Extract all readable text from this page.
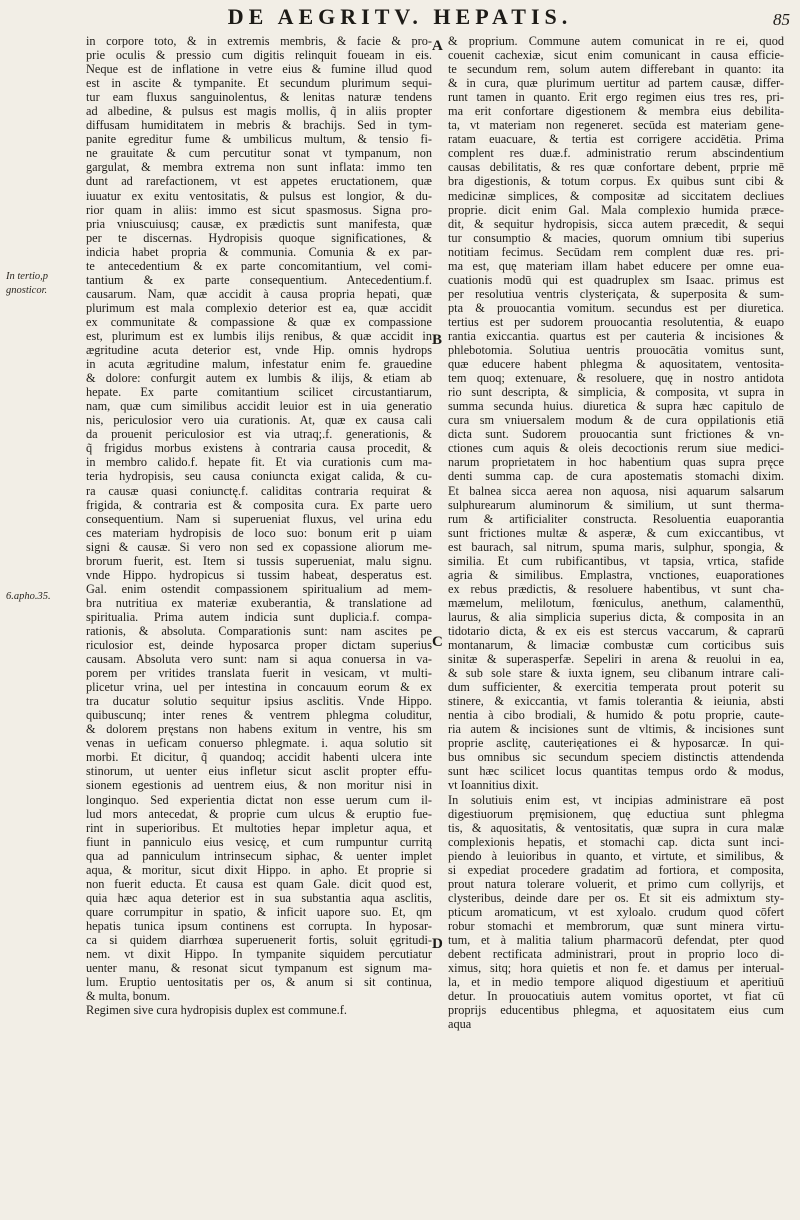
DE AEGRITV. HEPATIS.	85
In tertio,p
gnosticor.
6.apho.35.
A
B
C
D
in corpore toto, & in extremis membris, & facie & pro-
prie oculis & pressio cum digitis relinquit foueam in eis.
Neque est de inflatione in vetre eius & fumine illud quod
est in ascite & tympanite. Et secundum plurimum sequi-
tur eam fluxus sanguinolentus, & lenitas naturæ tendens
ad albedine, & pulsus est magis mollis, q̃ in aliis propter
diffusam humiditatem in mebris & brachijs. Sed in tym-
panite egreditur fume & umbilicus multum, & tensio fi-
ne grauitate & cum percutitur sonat vt tympanum, non
gargulat, & membra extrema non sunt inflata: immo ten
dunt ad rarefactionem, vt est appetes eructationem, quæ
iuuatur ex exitu ventositatis, & pulsus est longior, & du-
rior quam in aliis: immo est sicut spasmosus. Signa pro-
pria vniuscuiusq; causæ, ex prædictis sunt manifesta, quæ
per te discernas. Hydropisis quoque significationes, &
indicia habet propria & communia. Comunia & ex par-
te antecedentium & ex parte concomitantium, vel comi-
tantium & ex parte consequentium. Antecedentium.f.
causarum. Nam, quæ accidit à causa propria hepati, quæ
plurimum est mala complexio deterior est ea, quæ accidit
ex communitate & compassione & quæ ex compassione
est, plurimum est ex lumbis ilijs renibus, & quæ accidit in
ægritudine acuta deterior est, vnde Hip. omnis hydrops
in acuta ægritudine malum, infestatur enim fe. grauedine
& dolore: confurgit autem ex lumbis & ilijs, & etiam ab
hepate. Ex parte comitantium scilicet circustantiarum,
nam, quæ cum similibus accidit leuior est in uia generatio
nis, periculosior vero uia curationis. At, quæ ex causa cali
da prouenit periculosior est via utraq;.f. generationis, &
q̃ frigidus morbus existens à contraria causa procedit, &
in membro calido.f. hepate fit. Et via curationis cum ma-
teria hydropisis, seu causa coniuncta exigat calida, & cu-
ra causæ quasi coniunctę.f. caliditas contraria requirat &
frigida, & contraria est & composita cura. Ex parte uero
consequentium. Nam si superueniat fluxus, vel urina edu
ces materiam hydropisis de loco suo: bonum erit p uiam
signi & causæ. Si vero non sed ex copassione aliorum me-
brorum fuerit, est. Item si tussis superueniat, malu signu.
vnde Hippo. hydropicus si tussim habeat, desperatus est.
Gal. enim ostendit compassionem spiritualium ad mem-
bra nutritiua ex materiæ exuberantia, & translatione ad
spiritualia. Prima autem indicia sunt duplicia.f. compa-
rationis, & absoluta. Comparationis sunt: nam ascites pe
riculosior est, deinde hyposarca proper dictam superius
causam. Absoluta vero sunt: nam si aqua conuersa in va-
porem per vritides translata fuerit in vesicam, vt multi-
plicetur vrina, uel per intestina in concauum eorum & ex
tra ducatur solutio sequitur ipsius asclitis. Vnde Hippo.
quibuscunq; inter renes & ventrem phlegma coluditur,
& dolorem pręstans non habens exitum in ventre, his sm
venas in ueficam conuerso phlegmate. i. aqua solutio sit
morbi. Et dicitur, q̃ quandoq; accidit habenti ulcera inte
stinorum, ut uenter eius infletur sicut asclit propter effu-
sionem egestionis ad uentrem eius, & non moritur nisi in
longinquo. Sed experientia dictat non esse uerum cum il-
lud mors antecedat, & proprie cum ulcus & eruptio fue-
rint in superioribus. Et multoties hepar impletur aqua, et
fiunt in panniculo eius vesicę, et cum rumpuntur curritą
qua ad panniculum intrinsecum siphac, & uenter implet
aqua, & moritur, sicut dixit Hippo. in apho. Et proprie si
non fuerit educta. Et causa est quam Gale. dicit quod est,
quia hæc aqua deterior est in sua substantia aqua asclitis,
quare corrumpitur in spatio, & inficit uapore suo. Et, qm
hepatis tunica ipsum continens est corrupta. In hyposar-
ca si quidem diarrhœa superuenerit fortis, soluit ęgritudi-
nem. vt dixit Hippo. In tympanite siquidem percutiatur
uenter manu, & resonat sicut tympanum est signum ma-
lum. Eruptio uentositatis per os, & anum si sit continua,
& multa, bonum.
Regimen sive cura hydropisis duplex est commune.f.
& proprium. Commune autem comunicat in re ei, quod
couenit cachexiæ, sicut enim comunicant in causa efficie-
te secundum rem, solum autem differebant in quanto: ita
& in cura, quæ plurimum uertitur ad partem causæ, differ-
runt tamen in quanto. Erit ergo regimen eius tres res, pri-
ma erit confortare digestionem & membra eius debilita-
ta, vt materiam non regeneret. secūda est materiam gene-
ratam euacuare, & tertia est corrigere accidētia. Prima
complent res duæ.f. administratio rerum abscindentium
causas debilitatis, & res quæ confortare debent, prprie mē
bra digestionis, & totum corpus. Ex quibus sunt cibi &
medicinæ simplices, & compositæ ad siccitatem decliues
proprie. dicit enim Gal. Mala complexio humida præce-
dit, & sequitur hydropisis, sicca autem præcedit, & sequi
tur consumptio & macies, quorum omnium tibi superius
notitiam fecimus. Secūdam rem complent duæ res. pri-
ma est, quę materiam illam habet educere per omne eua-
cuationis modū qui est quadruplex sm Isaac. primus est
per resolutiua ventris clysteriçata, & superposita & sum-
pta & prouocantia vomitum. secundus est per diuretica.
tertius est per sudorem prouocantia resolutentia, & euapo
rantia exiccantia. quartus est per cauteria & incisiones &
phlebotomia. Solutiua uentris prouocātia vomitus sunt,
quæ educere habent phlegma & aquositatem, ventosita-
tem quoq; extenuare, & resoluere, quę in nostro antidota
rio sunt descripta, & simplicia, & composita, vt supra in
summa secunda huius. diuretica & supra hæc capitulo de
cura sm vniuersalem modum & de cura oppilationis etiā
dicta sunt. Sudorem prouocantia sunt frictiones & vn-
ctiones cum aquis & oleis decoctionis rerum siue medici-
narum proprietatem in hoc habentium quas supra pręce
denti summa cap. de cura apostematis stomachi dixim.
Et balnea sicca aerea non aquosa, nisi aquarum salsarum
sulphurearum aluminorum & similium, ut sunt therma-
rum & artificialiter constructa. Resoluentia euaporantia
sunt frictiones multæ & asperæ, & cum exiccantibus, vt
est baurach, sal nitrum, spuma maris, sulphur, spongia, &
similia. Et cum rubificantibus, vt tapsia, vrtica, stafide
agria & similibus. Emplastra, vnctiones, euaporationes
ex rebus prædictis, & resoluere habentibus, vt sunt cha-
mæmelum, melilotum, fœniculus, anethum, calamenthū,
laurus, & alia simplicia superius dicta, & composita in an
tidotario dicta, & ex eis est stercus vaccarum, & caprarū
montanarum, & limaciæ combustæ cum corticibus suis
sinitæ & superasperfæ. Sepeliri in arena & reuolui in ea,
& sub sole stare & iuxta ignem, seu clibanum intrare cali-
dum sufficienter, & exercitia temperata prout poterit su
stinere, & exiccantia, vt famis tolerantia & ieiunia, absti
nentia à cibo brodiali, & humido & potu proprie, caute-
ria autem & incisiones sunt de vltimis, & incisiones sunt
proprie asclitę, cauterięationes ei & hyposarcæ. In qui-
bus omnibus sic secundum speciem distinctis attendenda
sunt hæc scilicet locus quantitas tempus ordo & modus,
vt Ioannitius dixit.
In solutiuis enim est, vt incipias administrare eā post
digestiuorum pręmisionem, quę eductiua sunt phlegma
tis, & aquositatis, & ventositatis, quæ supra in cura malæ
complexionis hepatis, et stomachi cap. dicta sunt inci-
piendo à leuioribus in quanto, et virtute, et similibus, &
si expediat procedere gradatim ad fortiora, et composita,
prout natura tolerare voluerit, et primo cum collyrijs, et
clysteribus, deinde dare per os. Et sit eis admixtum sty-
pticum aromaticum, vt est xyloalo. crudum quod cōfert
robur stomachi et membrorum, quæ sunt minera virtu-
tum, et à malitia talium pharmacorū defendat, pter quod
debent rectificata administrari, prout in proprio loco di-
ximus, sitq; hora quietis et non fe. et damus per interual-
la, et in medio tempore aliquod digestiuum et aperitiuū
detur. In prouocatiuis autem vomitus oportet, vt fiat cū
proprijs educentibus phlegma, et aquositatem eius cum
aqua
